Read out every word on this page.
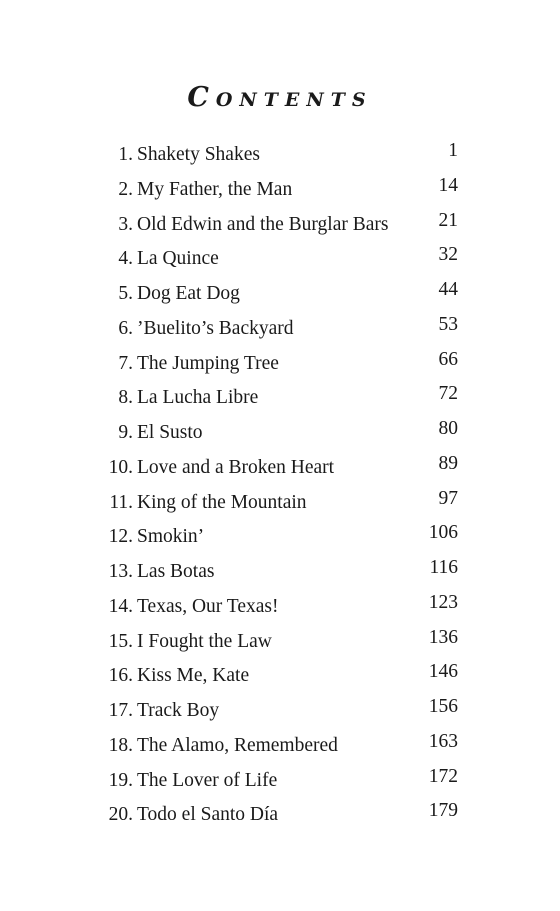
Contents
1. Shakety Shakes	1
2. My Father, the Man	14
3. Old Edwin and the Burglar Bars	21
4. La Quince	32
5. Dog Eat Dog	44
6. ’Buelito’s Backyard	53
7. The Jumping Tree	66
8. La Lucha Libre	72
9. El Susto	80
10. Love and a Broken Heart	89
11. King of the Mountain	97
12. Smokin’	106
13. Las Botas	116
14. Texas, Our Texas!	123
15. I Fought the Law	136
16. Kiss Me, Kate	146
17. Track Boy	156
18. The Alamo, Remembered	163
19. The Lover of Life	172
20. Todo el Santo Día	179
